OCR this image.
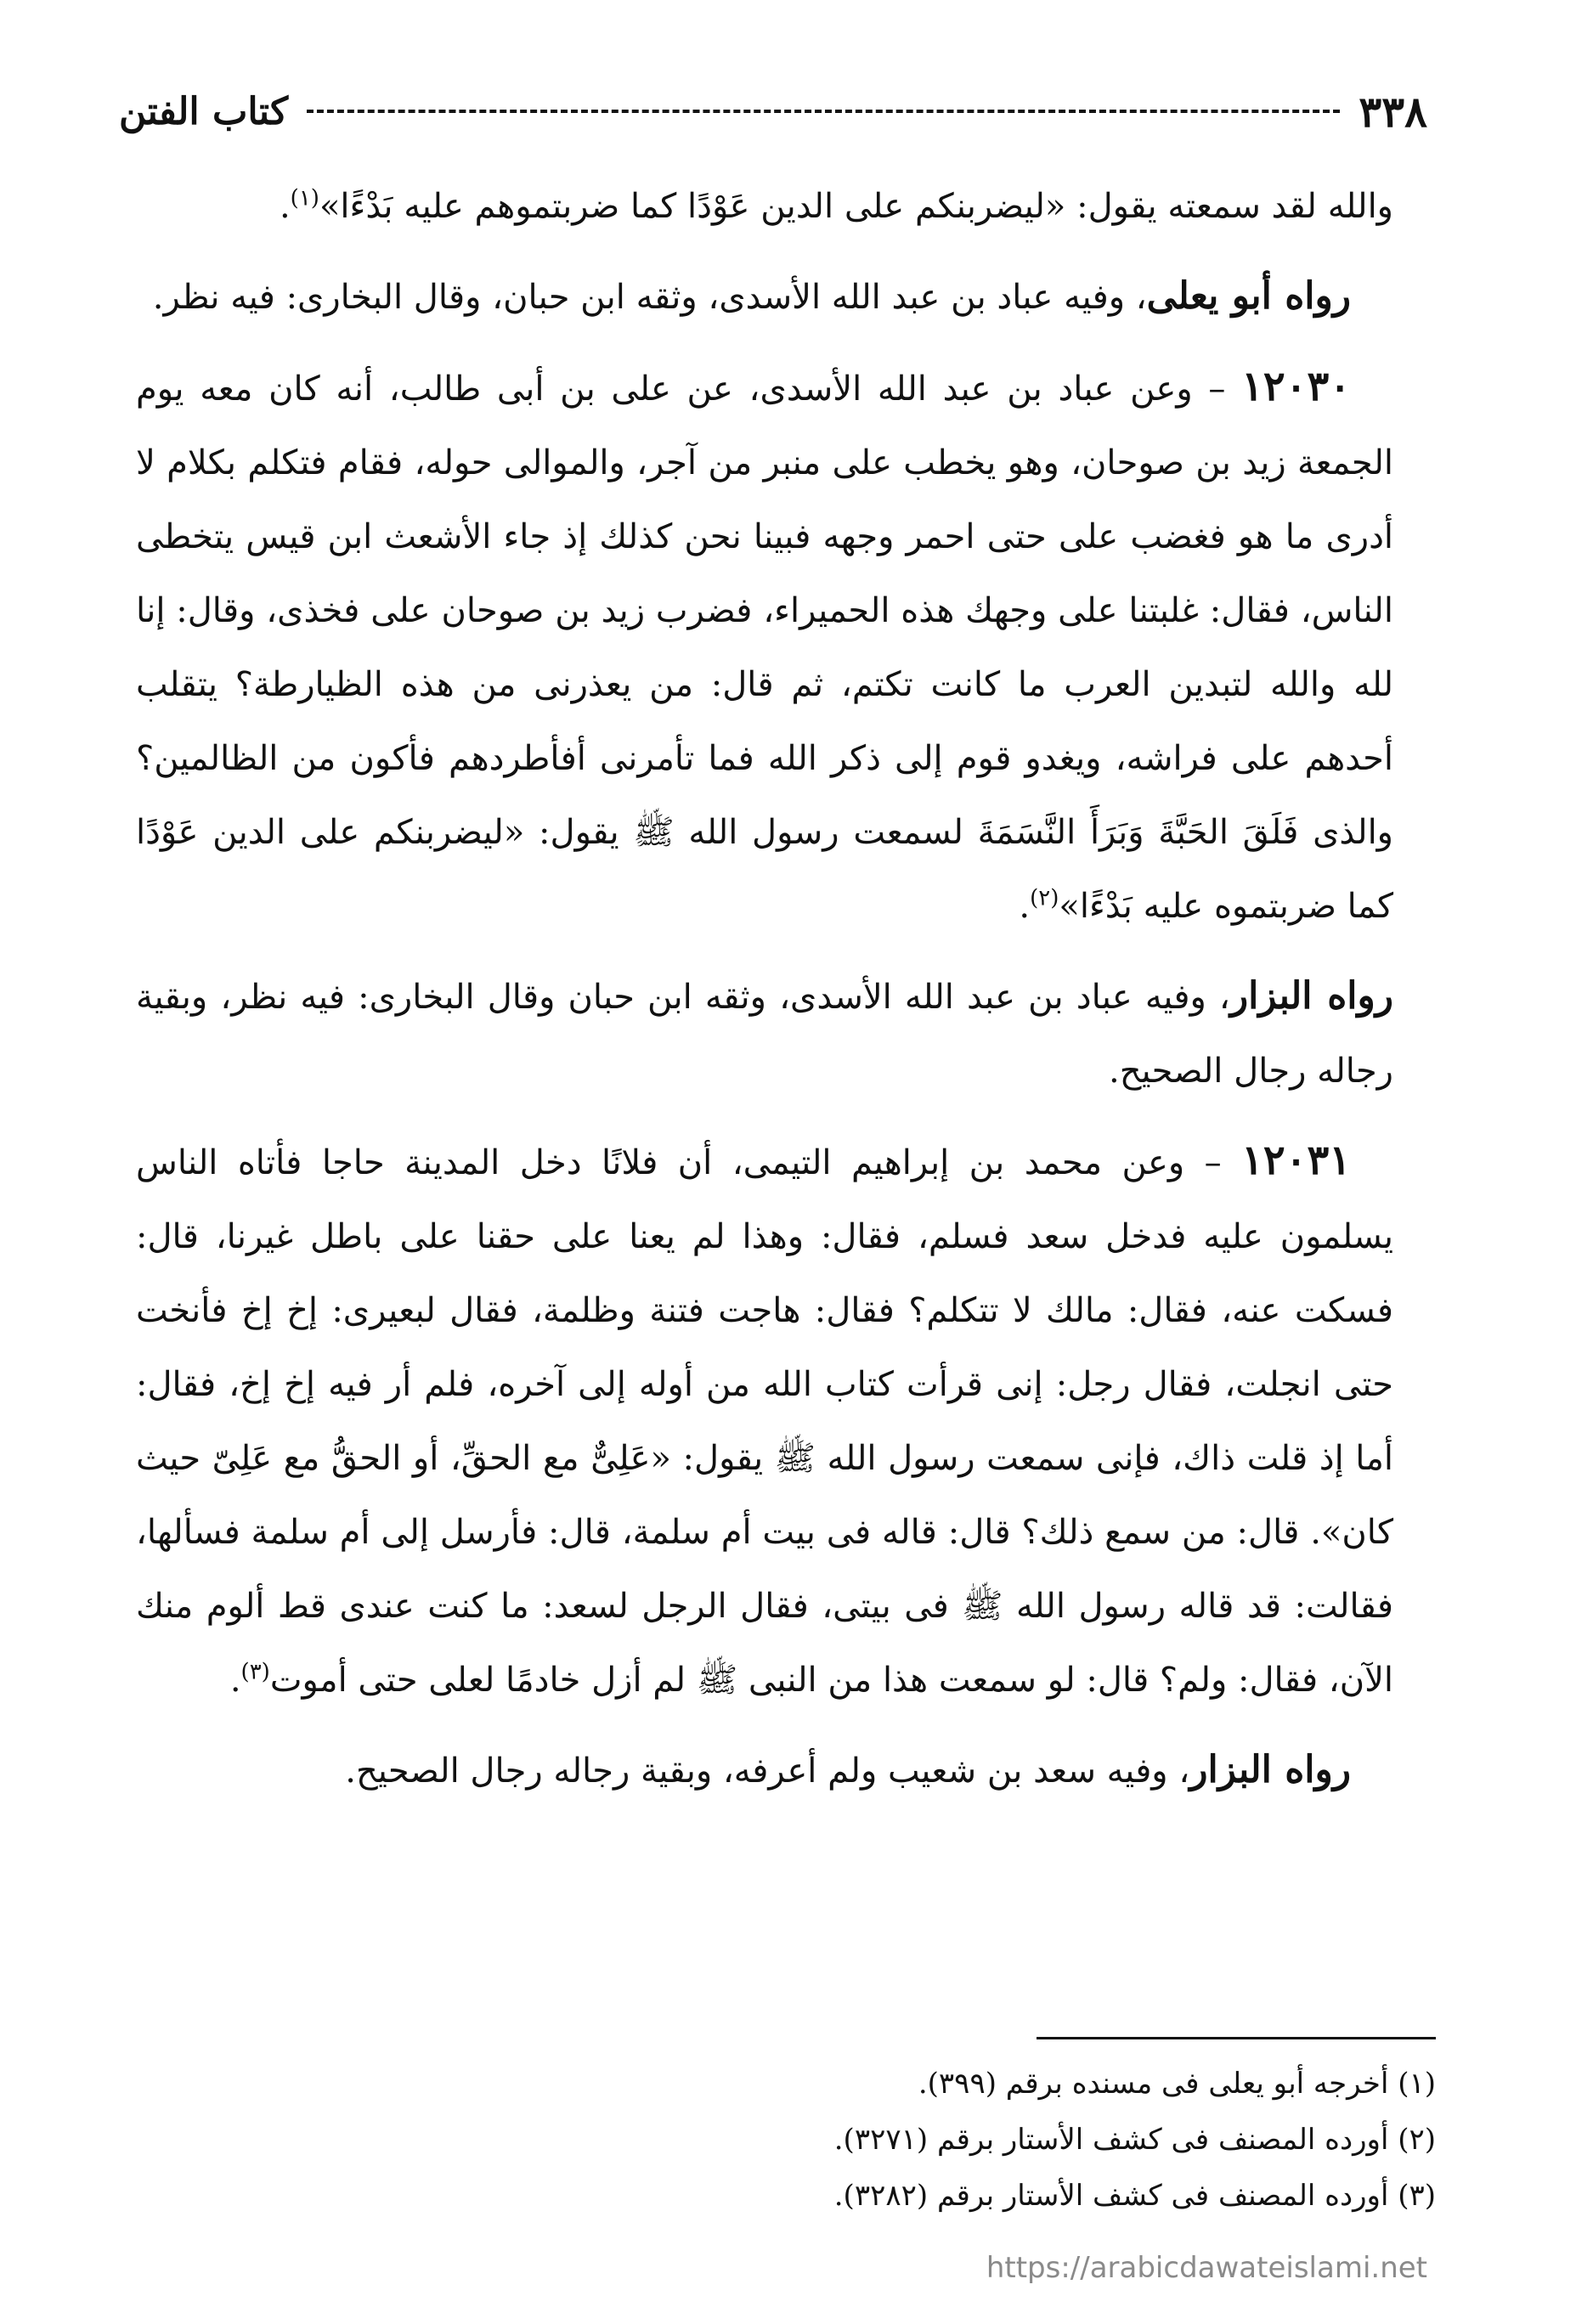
٣٣٨
كتاب الفتن

والله لقد سمعته يقول: «ليضربنكم على الدين عَوْدًا كما ضربتموهم عليه بَدْءًا»$^{(١)}$.

رواه أبو يعلى، وفيه عباد بن عبد الله الأسدى، وثقه ابن حبان، وقال البخارى: فيه نظر.

١٢٠٣٠ – وعن عباد بن عبد الله الأسدى، عن على بن أبى طالب، أنه كان معه يوم الجمعة زيد بن صوحان، وهو يخطب على منبر من آجر، والموالى حوله، فقام فتكلم بكلام لا أدرى ما هو فغضب على حتى احمر وجهه فبينا نحن كذلك إذ جاء الأشعث ابن قيس يتخطى الناس، فقال: غلبتنا على وجهك هذه الحميراء، فضرب زيد بن صوحان على فخذى، وقال: إنا لله والله لتبدين العرب ما كانت تكتم، ثم قال: من يعذرنى من هذه الظيارطة؟ يتقلب أحدهم على فراشه، ويغدو قوم إلى ذكر الله فما تأمرنى أفأطردهم فأكون من الظالمين؟ والذى فَلَقَ الحَبَّةَ وَبَرَأَ النَّسَمَةَ لسمعت رسول الله ﷺ يقول: «ليضربنكم على الدين عَوْدًا كما ضربتموه عليه بَدْءًا»$^{(٢)}$.

رواه البزار، وفيه عباد بن عبد الله الأسدى، وثقه ابن حبان وقال البخارى: فيه نظر، وبقية رجاله رجال الصحيح.

١٢٠٣١ – وعن محمد بن إبراهيم التيمى، أن فلانًا دخل المدينة حاجا فأتاه الناس يسلمون عليه فدخل سعد فسلم، فقال: وهذا لم يعنا على حقنا على باطل غيرنا، قال: فسكت عنه، فقال: مالك لا تتكلم؟ فقال: هاجت فتنة وظلمة، فقال لبعيرى: إخ إخ فأنخت حتى انجلت، فقال رجل: إنى قرأت كتاب الله من أوله إلى آخره، فلم أر فيه إخ إخ، فقال: أما إذ قلت ذاك، فإنى سمعت رسول الله ﷺ يقول: «عَلِىٌّ مع الحقِّ، أو الحقُّ مع عَلِىّ حيث كان». قال: من سمع ذلك؟ قال: قاله فى بيت أم سلمة، قال: فأرسل إلى أم سلمة فسألها، فقالت: قد قاله رسول الله ﷺ فى بيتى، فقال الرجل لسعد: ما كنت عندى قط ألوم منك الآن، فقال: ولم؟ قال: لو سمعت هذا من النبى ﷺ لم أزل خادمًا لعلى حتى أموت$^{(٣)}$.

رواه البزار، وفيه سعد بن شعيب ولم أعرفه، وبقية رجاله رجال الصحيح.

(١) أخرجه أبو يعلى فى مسنده برقم (٣٩٩).

(٢) أورده المصنف فى كشف الأستار برقم (٣٢٧١).

(٣) أورده المصنف فى كشف الأستار برقم (٣٢٨٢).

https://arabicdawateislami.net
